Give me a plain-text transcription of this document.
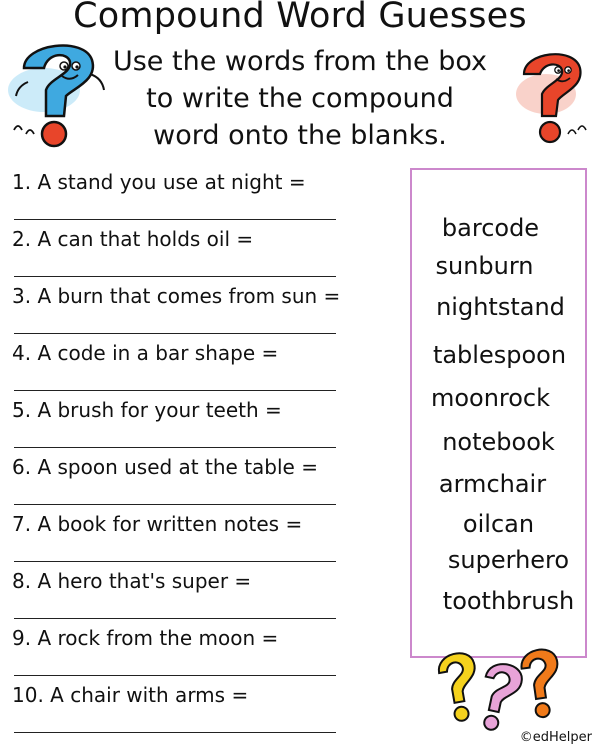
Compound Word Guesses
Use the words from the box to write the compound word onto the blanks.
1. A stand you use at night =
2. A can that holds oil =
3. A burn that comes from sun =
4. A code in a bar shape =
5. A brush for your teeth =
6. A spoon used at the table =
7. A book for written notes =
8. A hero that's super =
9. A rock from the moon =
10. A chair with arms =
barcode
sunburn
nightstand
tablespoon
moonrock
notebook
armchair
oilcan
superhero
toothbrush
©edHelper
